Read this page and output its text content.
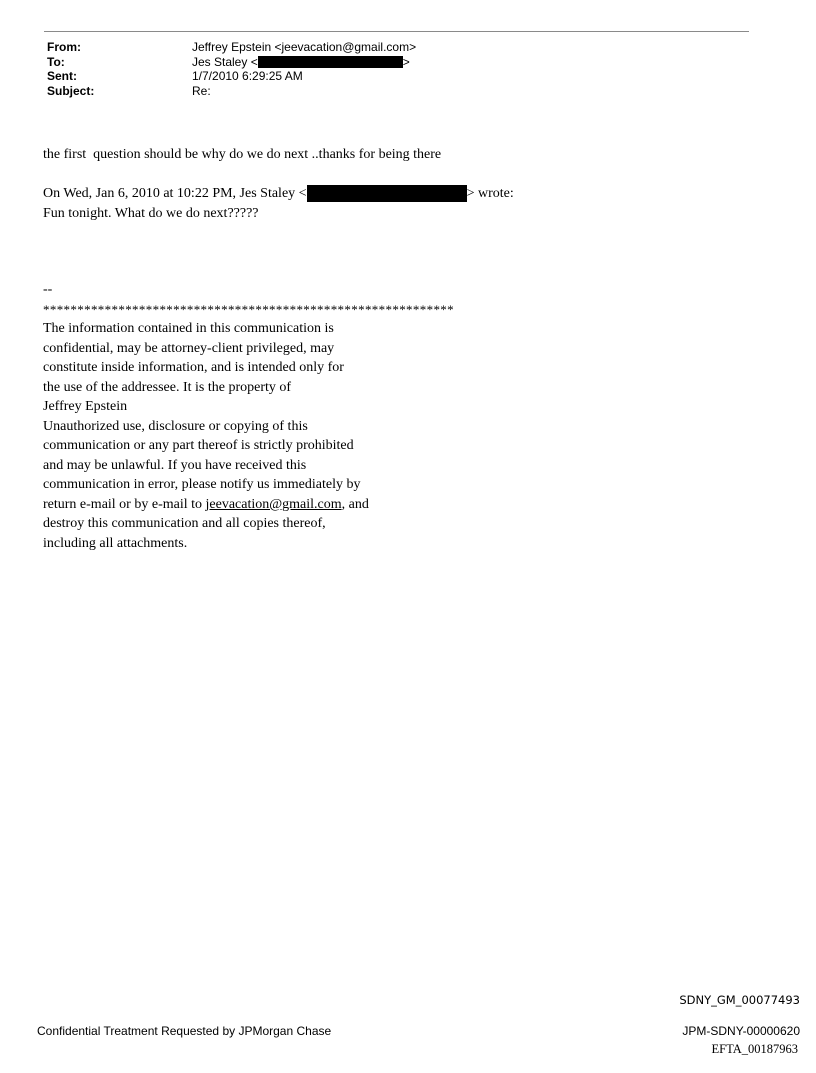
From:	Jeffrey Epstein <jeevacation@gmail.com>
To:	Jes Staley <	>
Sent:	1/7/2010 6:29:25 AM
Subject:	Re:
the first  question should be why do we do next ..thanks for being there
On Wed, Jan 6, 2010 at 10:22 PM, Jes Staley <	> wrote:
Fun tonight. What do we do next?????
--
************************************************************
The information contained in this communication is
confidential, may be attorney-client privileged, may
constitute inside information, and is intended only for
the use of the addressee. It is the property of
Jeffrey Epstein
Unauthorized use, disclosure or copying of this
communication or any part thereof is strictly prohibited
and may be unlawful. If you have received this
communication in error, please notify us immediately by
return e-mail or by e-mail to jeevacation@gmail.com, and
destroy this communication and all copies thereof,
including all attachments.
SDNY_GM_00077493
Confidential Treatment Requested by JPMorgan Chase	JPM-SDNY-00000620
EFTA_00187963
